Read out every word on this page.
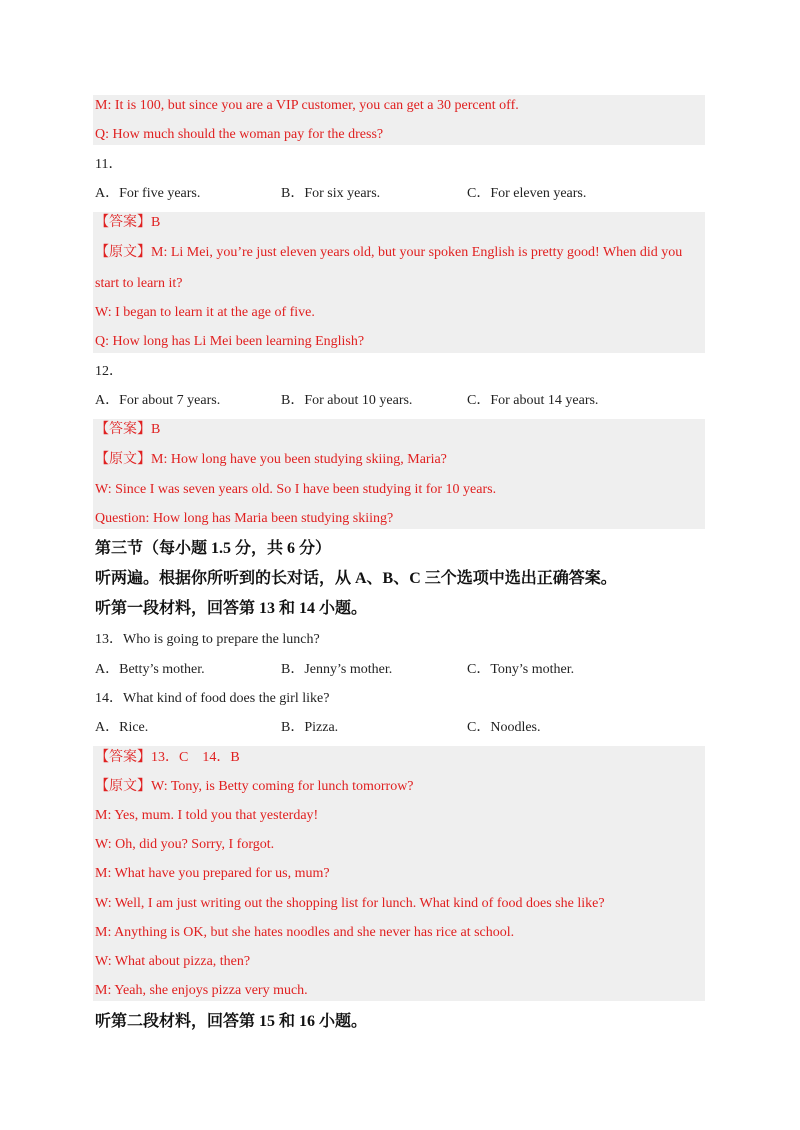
M: It is 100, but since you are a VIP customer, you can get a 30 percent off.
Q: How much should the woman pay for the dress?
11．
A．For five years.	B．For six years.	C．For eleven years.
【答案】B
【原文】M: Li Mei, you’re just eleven years old, but your spoken English is pretty good! When did you
start to learn it?
W: I began to learn it at the age of five.
Q: How long has Li Mei been learning English?
12．
A．For about 7 years.	B．For about 10 years.	C．For about 14 years.
【答案】B
【原文】M: How long have you been studying skiing, Maria?
W: Since I was seven years old. So I have been studying it for 10 years.
Question: How long has Maria been studying skiing?
第三节（每小题 1.5 分，共 6 分）
听两遍。根据你所听到的长对话，从 A、B、C 三个选项中选出正确答案。
听第一段材料，回答第 13 和 14 小题。
13．Who is going to prepare the lunch?
A．Betty’s mother.	B．Jenny’s mother.	C．Tony’s mother.
14．What kind of food does the girl like?
A．Rice.	B．Pizza.	C．Noodles.
【答案】13．C　14．B
【原文】W: Tony, is Betty coming for lunch tomorrow?
M: Yes, mum. I told you that yesterday!
W: Oh, did you? Sorry, I forgot.
M: What have you prepared for us, mum?
W: Well, I am just writing out the shopping list for lunch. What kind of food does she like?
M: Anything is OK, but she hates noodles and she never has rice at school.
W: What about pizza, then?
M: Yeah, she enjoys pizza very much.
听第二段材料，回答第 15 和 16 小题。
